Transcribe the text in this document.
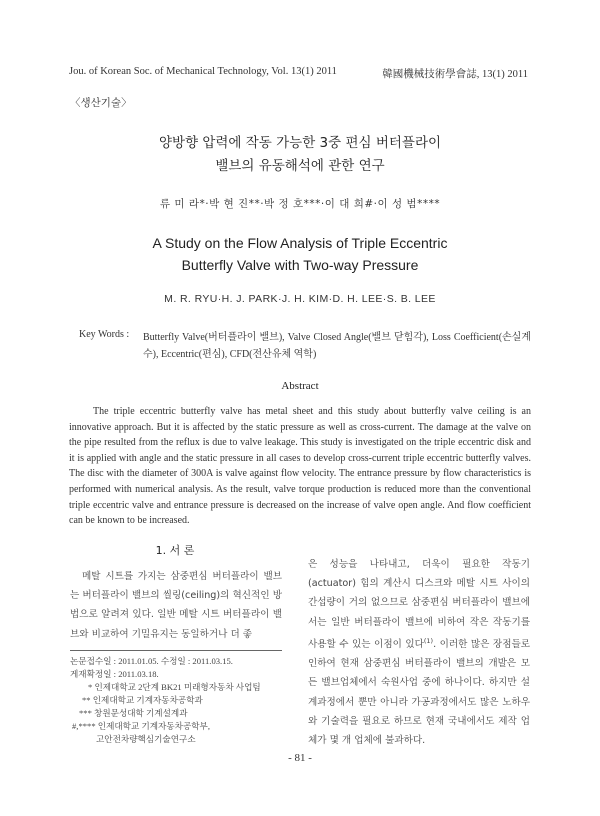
Jou. of Korean Soc. of Mechanical Technology, Vol. 13(1) 2011	韓國機械技術學會誌, 13(1) 2011
〈생산기술〉
양방향 압력에 작동 가능한 3중 편심 버터플라이
밸브의 유동해석에 관한 연구
류 미 라*·박 현 진**·박 정 호***·이 대 희#·이 성 범****
A Study on the Flow Analysis of Triple Eccentric
Butterfly Valve with Two-way Pressure
M. R. RYU·H. J. PARK·J. H. KIM·D. H. LEE·S. B. LEE
Key Words : Butterfly Valve(버터플라이 밸브), Valve Closed Angle(밸브 닫힘각), Loss Coefficient(손실계수), Eccentric(편심), CFD(전산유체 역학)
Abstract
The triple eccentric butterfly valve has metal sheet and this study about butterfly valve ceiling is an innovative approach. But it is affected by the static pressure as well as cross-current. The damage at the valve on the pipe resulted from the reflux is due to valve leakage. This study is investigated on the triple eccentric disk and it is applied with angle and the static pressure in all cases to develop cross-current triple eccentric butterfly valves. The disc with the diameter of 300A is valve against flow velocity. The entrance pressure by flow characteristics is performed with numerical analysis. As the result, valve torque production is reduced more than the conventional triple eccentric valve and entrance pressure is decreased on the increase of valve open angle. And flow coefficient can be known to be increased.
1. 서 론
메탈 시트를 가지는 삼중편심 버터플라이 밸브는 버터플라이 밸브의 씰링(ceiling)의 혁신적인 방법으로 알려져 있다. 일반 메탈 시트 버터플라이 밸브와 비교하여 기밀유지는 동일하거나 더 좋
논문접수일 : 2011.01.05. 수정일 : 2011.03.15.
게재확정일 : 2011.03.18.
* 인제대학교 2단계 BK21 미래형자동차 사업팀
** 인제대학교 기계자동차공학과
*** 창원문성대학 기계설계과
#,**** 인제대학교 기계자동차공학부,
고안전차량핵심기술연구소
은 성능을 나타내고, 더욱이 필요한 작동기(actuator) 힘의 계산시 디스크와 메탈 시트 사이의 간섭량이 거의 없으므로 삼중편심 버터플라이 밸브에서는 일반 버터플라이 밸브에 비하여 작은 작동기를 사용할 수 있는 이점이 있다$^{(1)}$. 이러한 많은 장점들로 인하여 현재 삼중편심 버터플라이 밸브의 개발은 모든 밸브업체에서 숙원사업 중에 하나이다. 하지만 설계과정에서 뿐만 아니라 가공과정에서도 많은 노하우와 기술력을 필요로 하므로 현재 국내에서도 제작 업체가 몇 개 업체에 불과하다.
- 81 -
